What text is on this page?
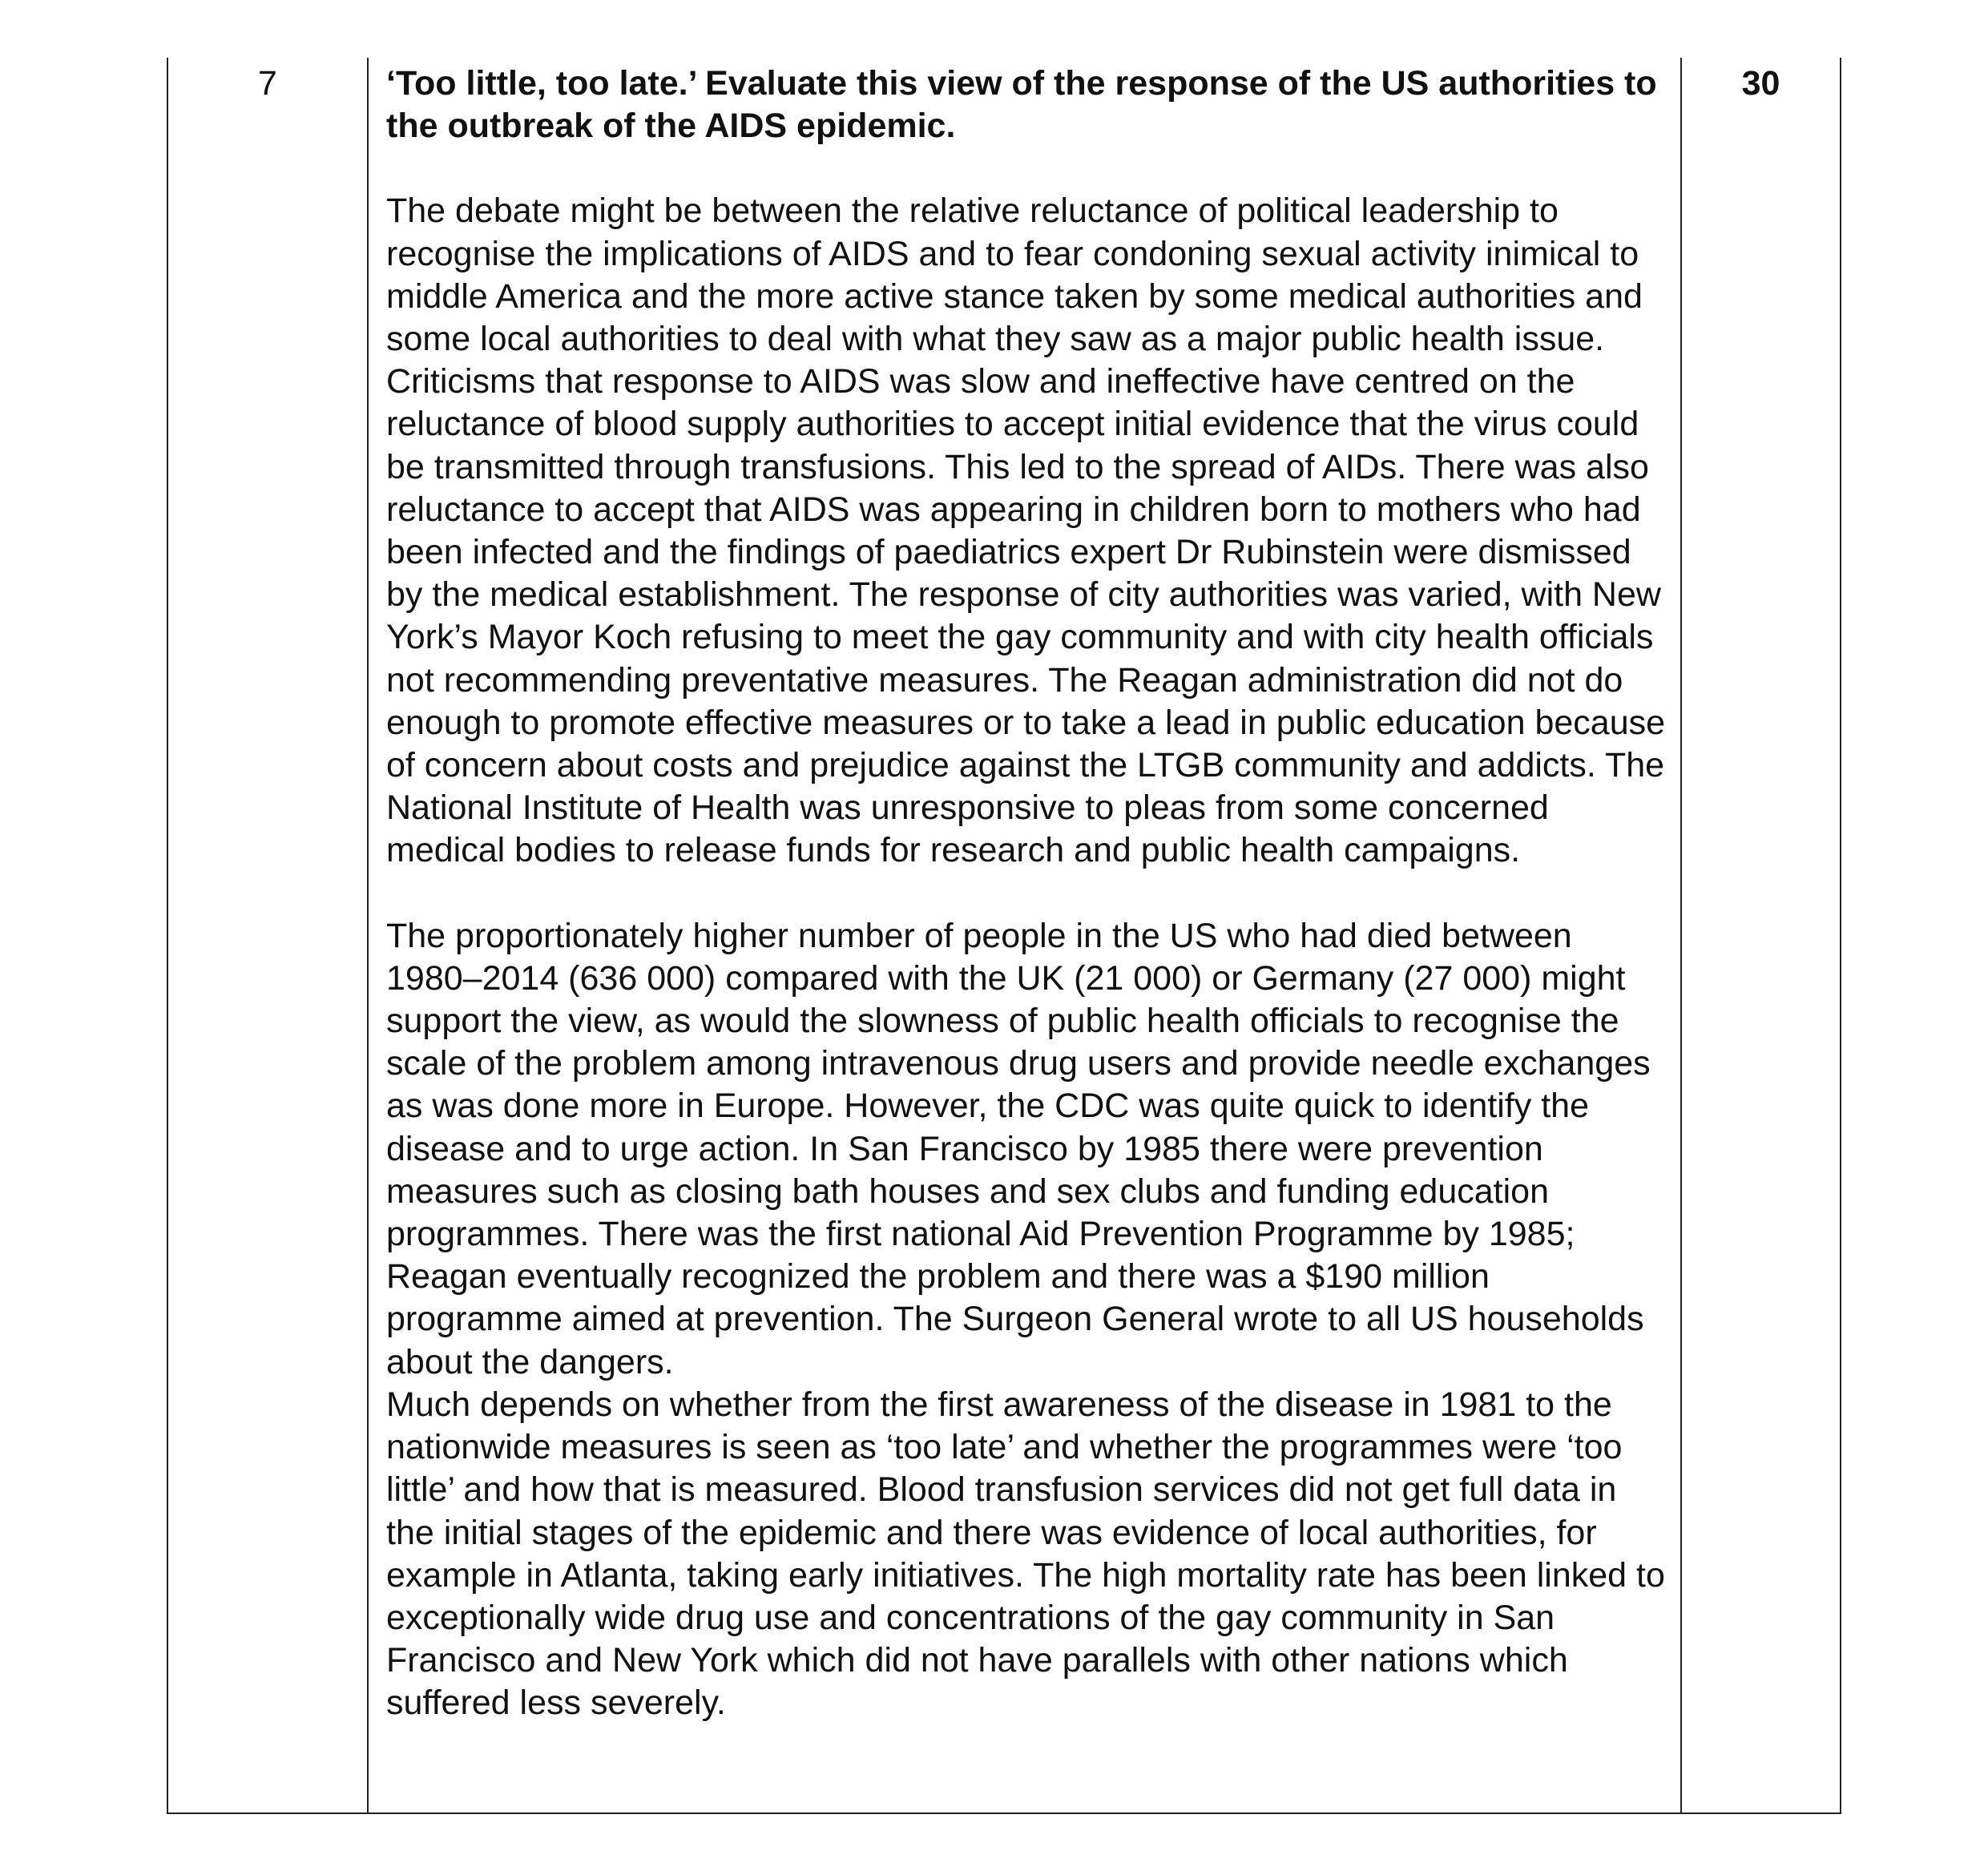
7	‘Too little, too late.’ Evaluate this view of the response of the US authorities to the outbreak of the AIDS epidemic.

The debate might be between the relative reluctance of political leadership to recognise the implications of AIDS and to fear condoning sexual activity inimical to middle America and the more active stance taken by some medical authorities and some local authorities to deal with what they saw as a major public health issue. Criticisms that response to AIDS was slow and ineffective have centred on the reluctance of blood supply authorities to accept initial evidence that the virus could be transmitted through transfusions. This led to the spread of AIDs. There was also reluctance to accept that AIDS was appearing in children born to mothers who had been infected and the findings of paediatrics expert Dr Rubinstein were dismissed by the medical establishment. The response of city authorities was varied, with New York’s Mayor Koch refusing to meet the gay community and with city health officials not recommending preventative measures. The Reagan administration did not do enough to promote effective measures or to take a lead in public education because of concern about costs and prejudice against the LTGB community and addicts. The National Institute of Health was unresponsive to pleas from some concerned medical bodies to release funds for research and public health campaigns.

The proportionately higher number of people in the US who had died between 1980–2014 (636 000) compared with the UK (21 000) or Germany (27 000) might support the view, as would the slowness of public health officials to recognise the scale of the problem among intravenous drug users and provide needle exchanges as was done more in Europe. However, the CDC was quite quick to identify the disease and to urge action. In San Francisco by 1985 there were prevention measures such as closing bath houses and sex clubs and funding education programmes. There was the first national Aid Prevention Programme by 1985; Reagan eventually recognized the problem and there was a $190 million programme aimed at prevention. The Surgeon General wrote to all US households about the dangers.

Much depends on whether from the first awareness of the disease in 1981 to the nationwide measures is seen as ‘too late’ and whether the programmes were ‘too little’ and how that is measured. Blood transfusion services did not get full data in the initial stages of the epidemic and there was evidence of local authorities, for example in Atlanta, taking early initiatives. The high mortality rate has been linked to exceptionally wide drug use and concentrations of the gay community in San Francisco and New York which did not have parallels with other nations which suffered less severely.

30
